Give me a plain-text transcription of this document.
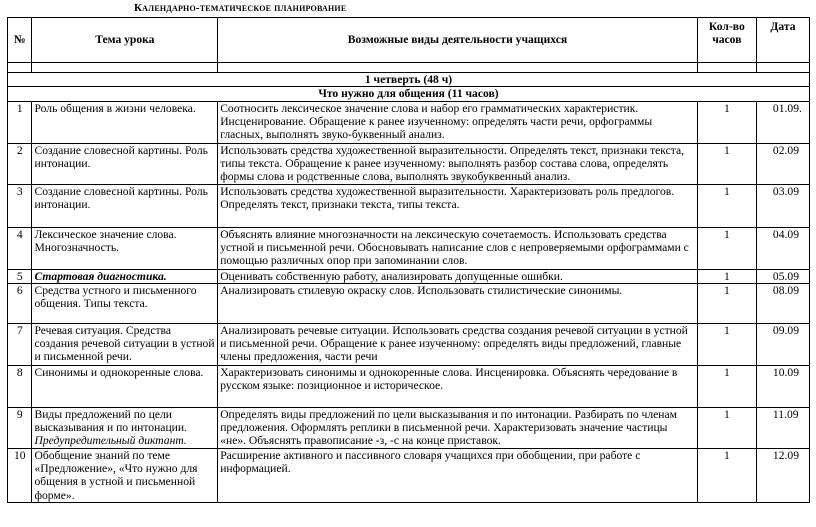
Календарно-тематическое планирование
№	Тема урока	Возможные виды деятельности учащихся	Кол-во часов	Дата

1 четверть (48 ч)				
Что нужно для общения (11 часов)				
1	Роль общения в жизни человека.	Соотносить лексическое значение слова и набор его грамматических характеристик. Инсценирование. Обращение к ранее изученному: определять части речи, орфограммы гласных, выполнять звуко-буквенный анализ.	1	01.09.
2	Создание словесной картины. Роль интонации.	Использовать средства художественной выразительности. Определять текст, признаки текста, типы текста. Обращение к ранее изученному: выполнять разбор состава слова, определять формы слова и родственные слова, выполнять звукобуквенный анализ.	1	02.09
3	Создание словесной картины. Роль интонации.	Использовать средства художественной выразительности. Характеризовать роль предлогов. Определять текст, признаки текста, типы текста.	1	03.09
4	Лексическое значение слова. Многозначность.	Объяснять влияние многозначности на лексическую сочетаемость. Использовать средства устной и письменной речи. Обосновывать написание слов с непроверяемыми орфограммами с помощью различных опор при запоминании слов.	1	04.09
5	Стартовая диагностика.	Оценивать собственную работу, анализировать допущенные ошибки.	1	05.09
6	Средства устного и письменного общения. Типы текста.	Анализировать стилевую окраску слов. Использовать стилистические синонимы.	1	08.09
7	Речевая ситуация. Средства создания речевой ситуации в устной и письменной речи.	Анализировать речевые ситуации. Использовать средства создания речевой ситуации в устной и письменной речи. Обращение к ранее изученному: определять виды предложений, главные члены предложения, части речи	1	09.09
8	Синонимы и однокоренные слова.	Характеризовать синонимы и однокоренные слова. Инсценировка. Объяснять чередование в русском языке: позиционное и историческое.	1	10.09
9	Виды предложений по цели высказывания и по интонации. Предупредительный диктант.	Определять виды предложений по цели высказывания и по интонации. Разбирать по членам предложения. Оформлять реплики в письменной речи. Характеризовать значение частицы «не». Объяснять правописание -з, -с на конце приставок.	1	11.09
10	Обобщение знаний по теме «Предложение», «Что нужно для общения в устной и письменной форме».	Расширение активного и пассивного словаря учащихся при обобщении, при работе с информацией.	1	12.09
